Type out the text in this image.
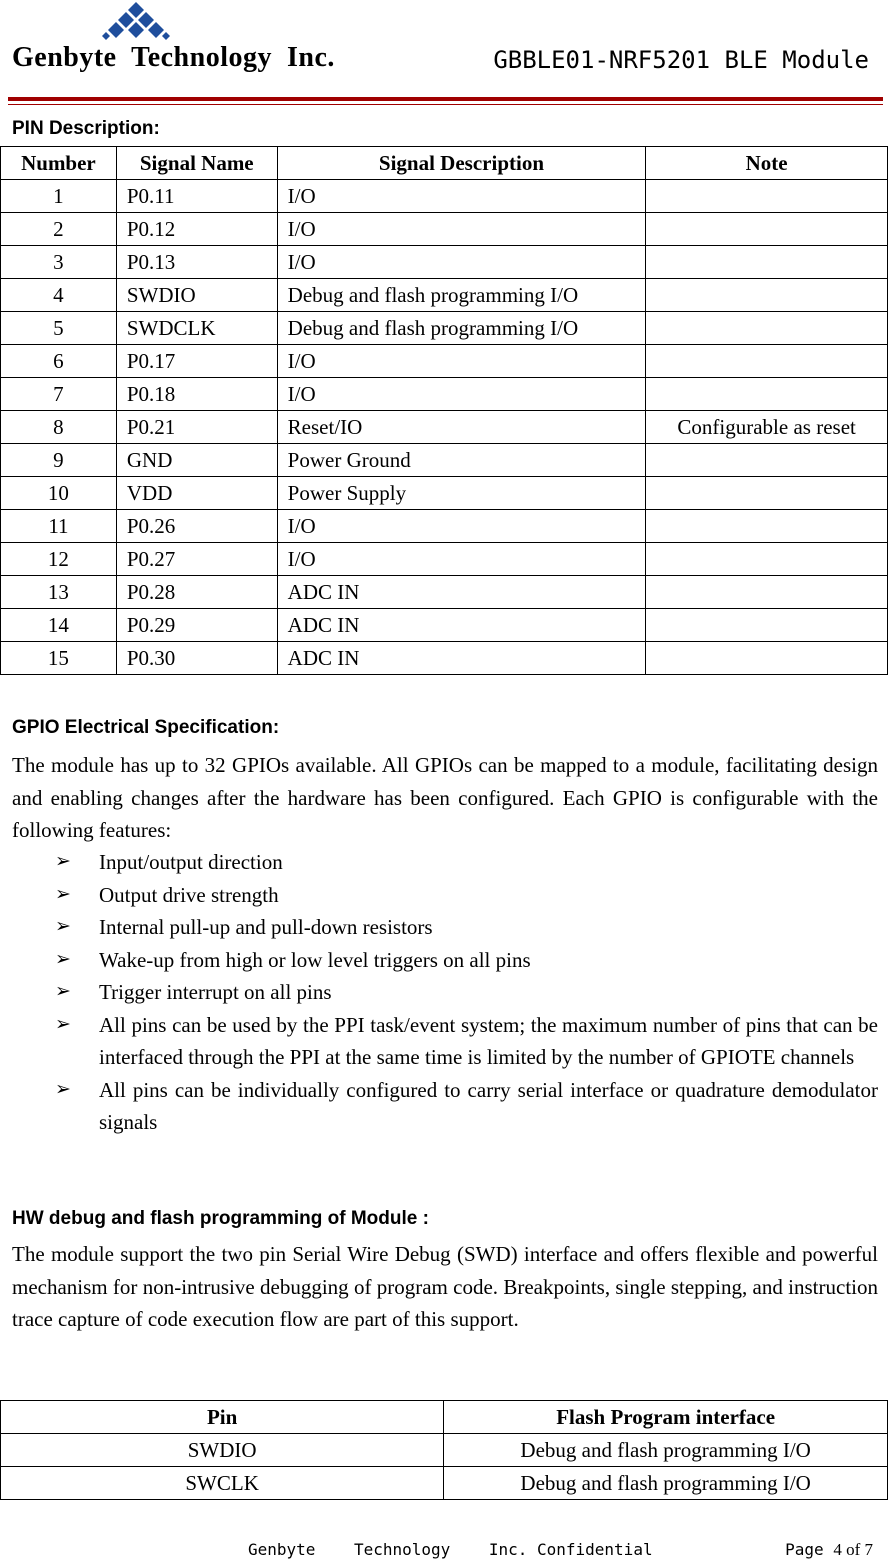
Genbyte  Technology  Inc.	GBBLE01-NRF5201 BLE Module
PIN Description:
Number	Signal Name	Signal Description	Note
1	P0.11	I/O	
2	P0.12	I/O	
3	P0.13	I/O	
4	SWDIO	Debug and flash programming I/O	
5	SWDCLK	Debug and flash programming I/O	
6	P0.17	I/O	
7	P0.18	I/O	
8	P0.21	Reset/IO	Configurable as reset
9	GND	Power Ground	
10	VDD	Power Supply	
11	P0.26	I/O	
12	P0.27	I/O	
13	P0.28	ADC IN	
14	P0.29	ADC IN	
15	P0.30	ADC IN	
GPIO Electrical Specification:
The module has up to 32 GPIOs available. All GPIOs can be mapped to a module, facilitating design and enabling changes after the hardware has been configured. Each GPIO is configurable with the following features:
➢ Input/output direction
➢ Output drive strength
➢ Internal pull-up and pull-down resistors
➢ Wake-up from high or low level triggers on all pins
➢ Trigger interrupt on all pins
➢ All pins can be used by the PPI task/event system; the maximum number of pins that can be interfaced through the PPI at the same time is limited by the number of GPIOTE channels
➢ All pins can be individually configured to carry serial interface or quadrature demodulator signals
HW debug and flash programming of Module :
The module support the two pin Serial Wire Debug (SWD) interface and offers flexible and powerful mechanism for non-intrusive debugging of program code. Breakpoints, single stepping, and instruction trace capture of code execution flow are part of this support.
Pin	Flash Program interface
SWDIO	Debug and flash programming I/O
SWCLK	Debug and flash programming I/O
Genbyte    Technology    Inc. Confidential	Page 4 of 7
